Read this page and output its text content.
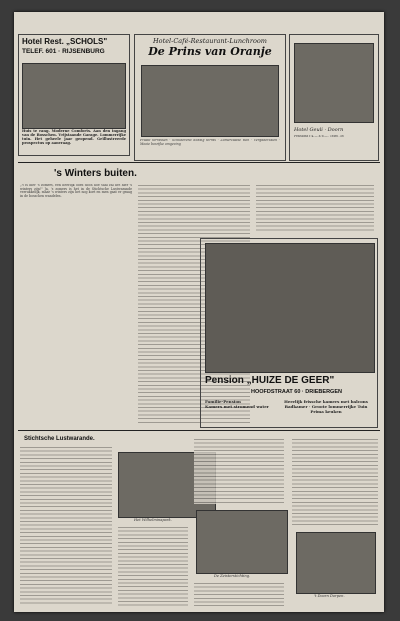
Hotel Rest. „SCHOLS"
TELEF. 601 · RIJSENBURG
Huis te rang. Moderne Comforts. Aan den ingang van de Bosschen. Vrijstaande Garage. Lommerrijke tuin. Het geheele jaar geopend. Geïllustreerde prospectus op aanvraag.
Hotel-Café-Restaurant-Lunchroom
De Prins van Oranje
Fraaie terrassen · Schilderend diotsig terras · Zomerzaalse tuin · Vergaderzalen · Mooie bosrijke omgeving
Hotel Geuli · Doorn
Pensions f 4.— à 6.—. Telef. 38
's Winters buiten.
„'t is hier 's zomers, een heerlijk oord doch hoe saai zal het hier 's winters zijn!" Ja, 's zomers is het in de Stichtsche Lustwarande verrukkelijk, maar 's winters zijn het nog kort en men gaat er graag in de bosschen wandelen.
Pension „HUIZE DE GEER"
HOOFDSTRAAT 60 · DRIEBERGEN
Familie-Pension
Kamers met stromend water
Heerlijk frissche kamers met balcons
Badkamer · Groote lommerrijke Tuin
Prima keuken
Stichtsche Lustwarande.
Het Wilhelminapark.
De Zeisterstichting.
't Doorn Dorpen.
